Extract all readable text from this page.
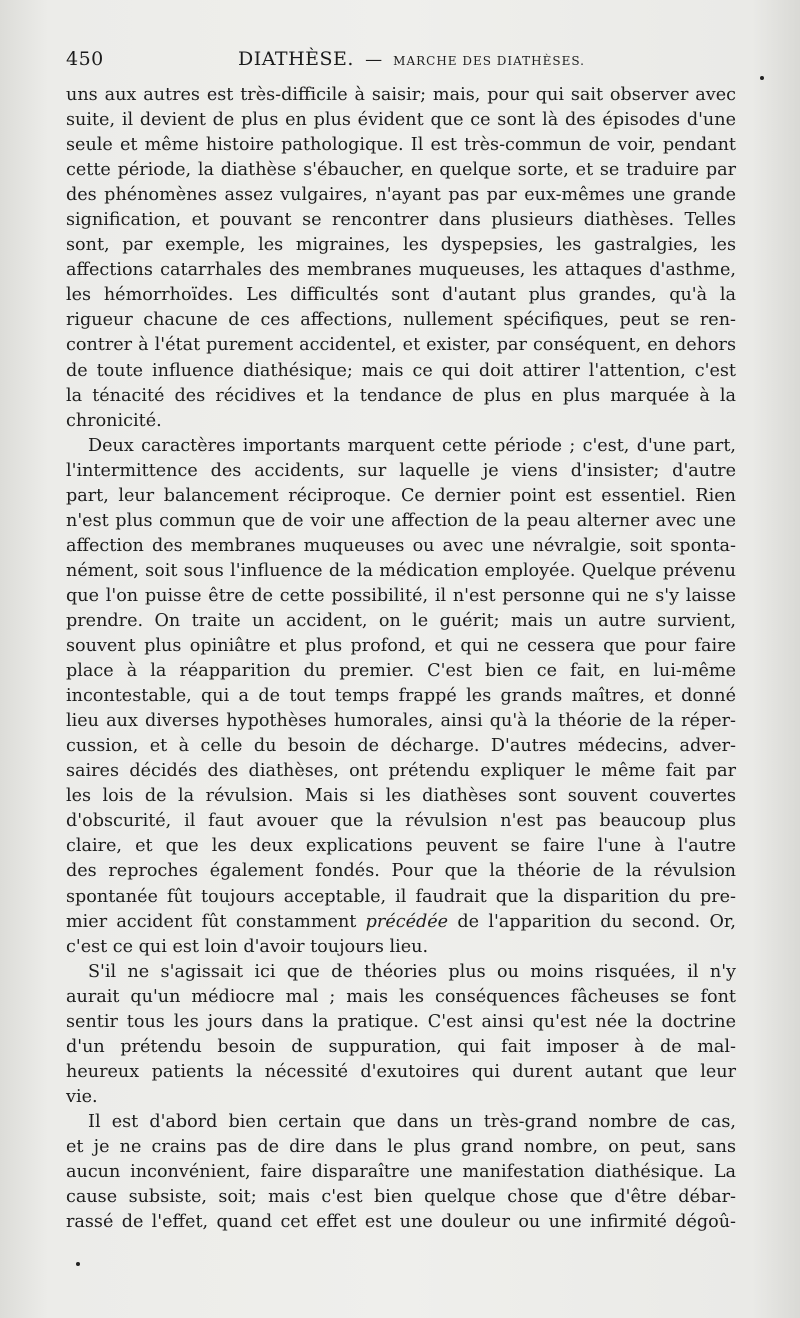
450	DIATHÈSE. — MARCHE DES DIATHÈSES.
uns aux autres est très-difficile à saisir; mais, pour qui sait observer avec
suite, il devient de plus en plus évident que ce sont là des épisodes d'une
seule et même histoire pathologique. Il est très-commun de voir, pendant
cette période, la diathèse s'ébaucher, en quelque sorte, et se traduire par
des phénomènes assez vulgaires, n'ayant pas par eux-mêmes une grande
signification, et pouvant se rencontrer dans plusieurs diathèses. Telles
sont, par exemple, les migraines, les dyspepsies, les gastralgies, les
affections catarrhales des membranes muqueuses, les attaques d'asthme,
les hémorrhoïdes. Les difficultés sont d'autant plus grandes, qu'à la
rigueur chacune de ces affections, nullement spécifiques, peut se ren-
contrer à l'état purement accidentel, et exister, par conséquent, en dehors
de toute influence diathésique; mais ce qui doit attirer l'attention, c'est
la ténacité des récidives et la tendance de plus en plus marquée à la
chronicité.
Deux caractères importants marquent cette période ; c'est, d'une part,
l'intermittence des accidents, sur laquelle je viens d'insister; d'autre
part, leur balancement réciproque. Ce dernier point est essentiel. Rien
n'est plus commun que de voir une affection de la peau alterner avec une
affection des membranes muqueuses ou avec une névralgie, soit sponta-
nément, soit sous l'influence de la médication employée. Quelque prévenu
que l'on puisse être de cette possibilité, il n'est personne qui ne s'y laisse
prendre. On traite un accident, on le guérit; mais un autre survient,
souvent plus opiniâtre et plus profond, et qui ne cessera que pour faire
place à la réapparition du premier. C'est bien ce fait, en lui-même
incontestable, qui a de tout temps frappé les grands maîtres, et donné
lieu aux diverses hypothèses humorales, ainsi qu'à la théorie de la réper-
cussion, et à celle du besoin de décharge. D'autres médecins, adver-
saires décidés des diathèses, ont prétendu expliquer le même fait par
les lois de la révulsion. Mais si les diathèses sont souvent couvertes
d'obscurité, il faut avouer que la révulsion n'est pas beaucoup plus
claire, et que les deux explications peuvent se faire l'une à l'autre
des reproches également fondés. Pour que la théorie de la révulsion
spontanée fût toujours acceptable, il faudrait que la disparition du pre-
mier accident fût constamment précédée de l'apparition du second. Or,
c'est ce qui est loin d'avoir toujours lieu.
S'il ne s'agissait ici que de théories plus ou moins risquées, il n'y
aurait qu'un médiocre mal ; mais les conséquences fâcheuses se font
sentir tous les jours dans la pratique. C'est ainsi qu'est née la doctrine
d'un prétendu besoin de suppuration, qui fait imposer à de mal-
heureux patients la nécessité d'exutoires qui durent autant que leur
vie.
Il est d'abord bien certain que dans un très-grand nombre de cas,
et je ne crains pas de dire dans le plus grand nombre, on peut, sans
aucun inconvénient, faire disparaître une manifestation diathésique. La
cause subsiste, soit; mais c'est bien quelque chose que d'être débar-
rassé de l'effet, quand cet effet est une douleur ou une infirmité dégoû-
